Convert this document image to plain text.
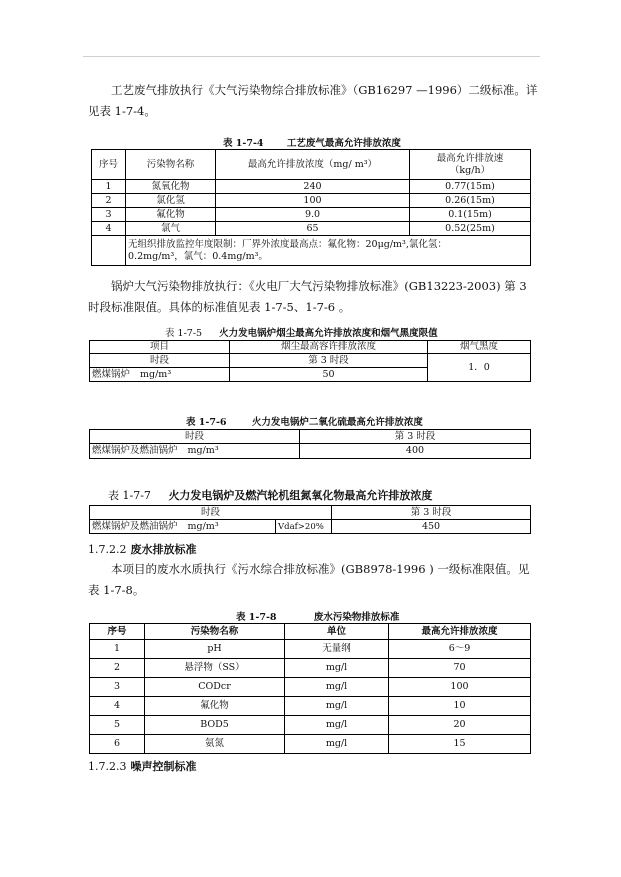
工艺废气排放执行《大气污染物综合排放标准》（GB16297 —1996）二级标准。详见表 1-7-4。

表 1-7-4 工艺废气最高允许排放浓度
序号	污染物名称	最高允许排放浓度（mg/ m³）	最高允许排放速
（kg/h）
1	氮氧化物	240	0.77(15m)
2	氯化氢	100	0.26(15m)
3	氟化物	9.0	0.1(15m)
4	氯气	65	0.52(25m)
	无组织排放监控年度限制：厂界外浓度最高点：氟化物：20μg/m³,氯化氢：
0.2mg/m³，氯气：0.4mg/m³。		

锅炉大气污染物排放执行：《火电厂大气污染物排放标准》(GB13223-2003) 第 3 时段标准限值。具体的标准值见表 1-7-5、1-7-6 。

表 1-7-5 火力发电锅炉烟尘最高允许排放浓度和烟气黑度限值
项目	烟尘最高容许排放浓度	烟气黑度
时段	第 3 时段	1．0
燃煤锅炉 mg/m³	50	
表 1-7-6	火力发电锅炉二氧化硫最高允许排放浓度
时段	第 3 时段
燃煤锅炉及燃油锅炉 mg/m³	400
表 1-7-7 火力发电锅炉及燃汽轮机组氮氧化物最高允许排放浓度
时段		第 3 时段
燃煤锅炉及燃油锅炉 mg/m³	Vdaf>20%	450
1.7.2.2 废水排放标准

本项目的废水水质执行《污水综合排放标准》(GB8978-1996 ) 一级标准限值。见表 1-7-8。

表 1-7-8	废水污染物排放标准
序号	污染物名称	单位	最高允许排放浓度
1	pH	无量纲	6～9
2	悬浮物（SS）	mg/l	70
3	CODcr	mg/l	100
4	氟化物	mg/l	10
5	BOD5	mg/l	20
6	氨氮	mg/l	15
1.7.2.3 噪声控制标准
